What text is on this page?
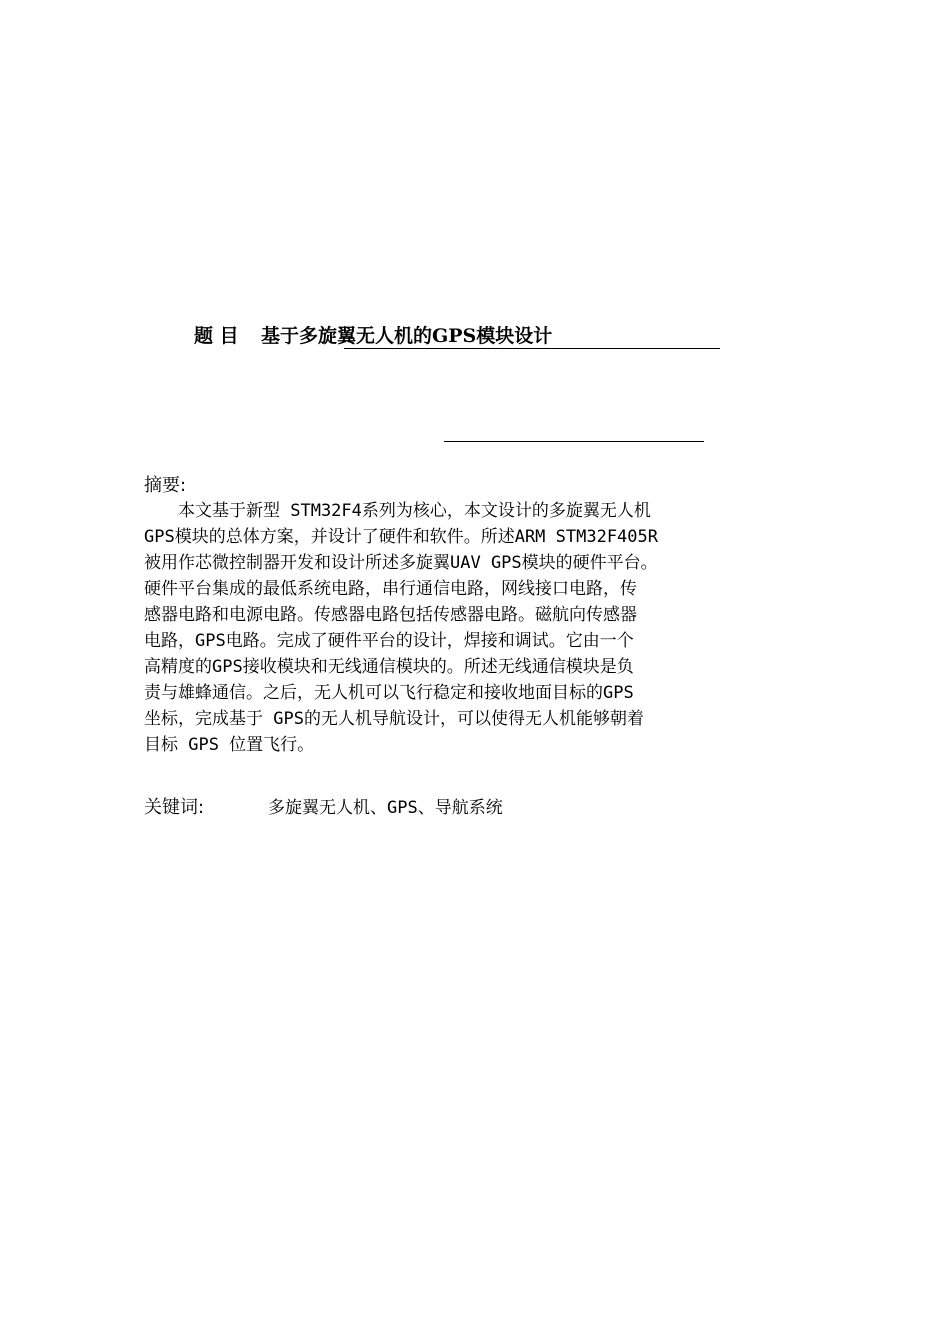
题 目 基于多旋翼无人机的GPS模块设计
摘要:
本文基于新型 STM32F4系列为核心，本文设计的多旋翼无人机
GPS模块的总体方案，并设计了硬件和软件。所述ARM STM32F405R
被用作芯微控制器开发和设计所述多旋翼UAV GPS模块的硬件平台。
硬件平台集成的最低系统电路，串行通信电路，网线接口电路，传
感器电路和电源电路。传感器电路包括传感器电路。磁航向传感器
电路，GPS电路。完成了硬件平台的设计，焊接和调试。它由一个
高精度的GPS接收模块和无线通信模块的。所述无线通信模块是负
责与雄蜂通信。之后，无人机可以飞行稳定和接收地面目标的GPS
坐标，完成基于 GPS的无人机导航设计，可以使得无人机能够朝着
目标 GPS 位置飞行。
关键词:	多旋翼无人机、GPS、导航系统
